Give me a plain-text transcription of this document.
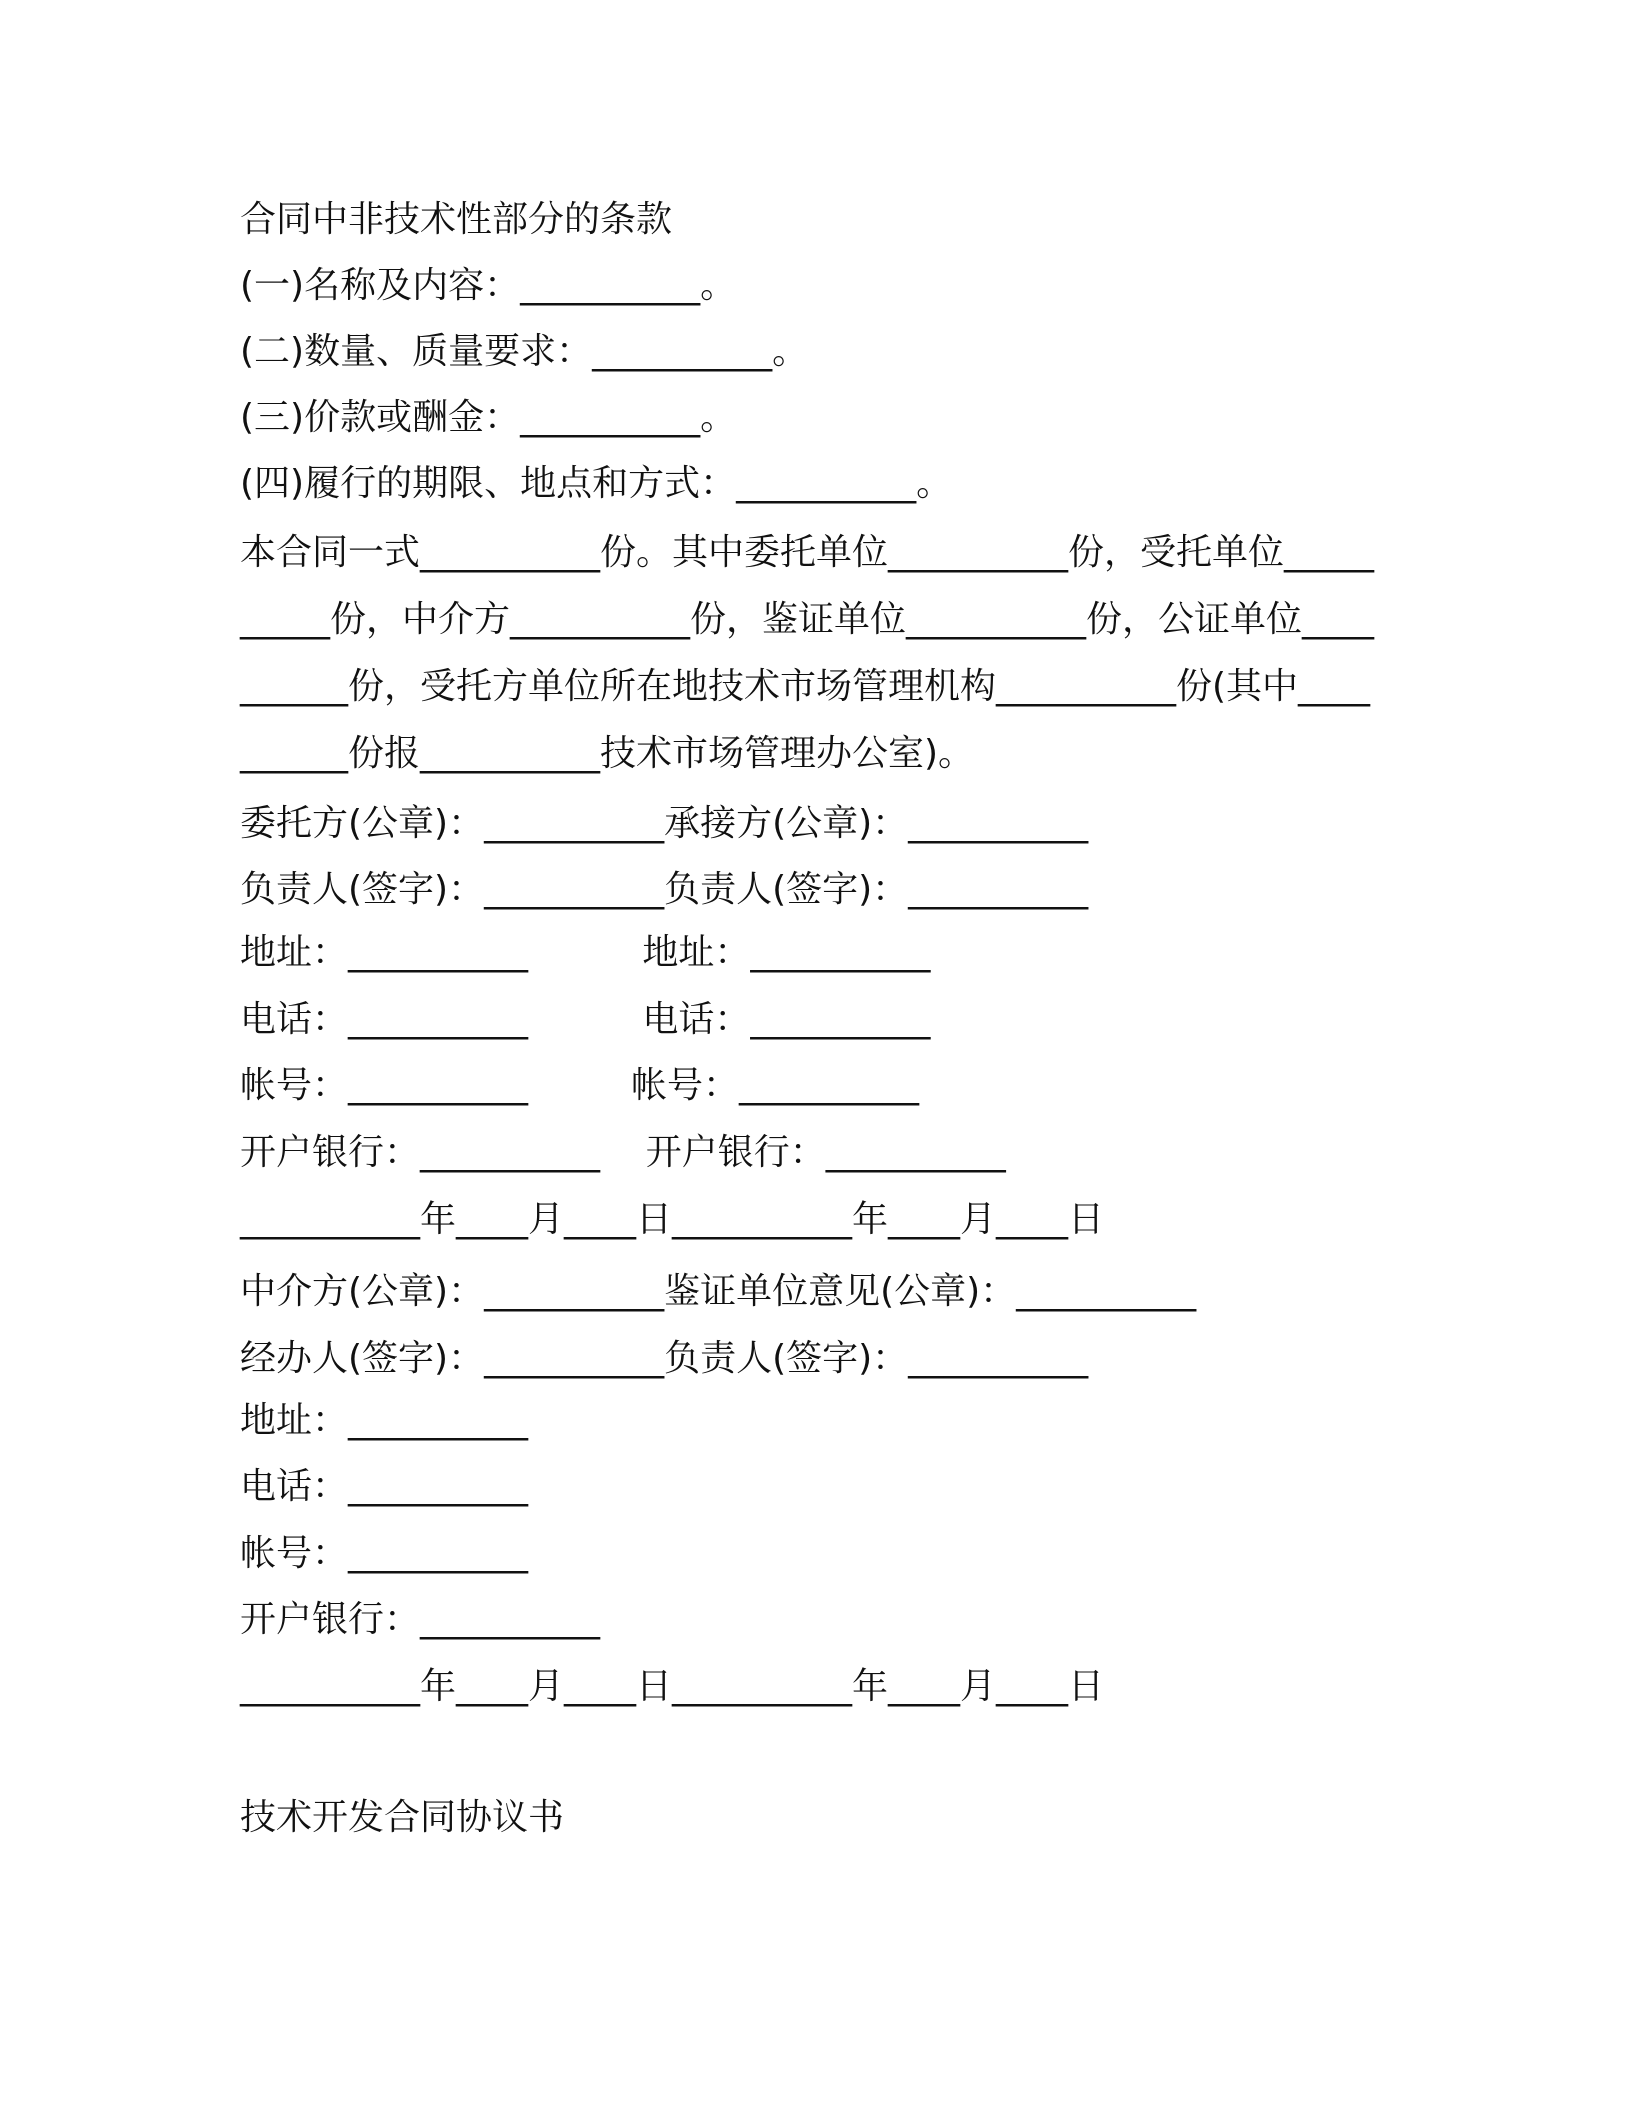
合同中非技术性部分的条款
(一)名称及内容：__________。
(二)数量、质量要求：__________。
(三)价款或酬金：__________。
(四)履行的期限、地点和方式：__________。
本合同一式__________份。其中委托单位__________份，受托单位__________份，中介方__________份，鉴证单位__________份，公证单位__________份，受托方单位所在地技术市场管理机构__________份(其中__________份报__________技术市场管理办公室)。
委托方(公章)：__________承接方(公章)：__________
负责人(签字)：__________负责人(签字)：__________
地址：__________          地址：__________
电话：__________          电话：__________
帐号：__________         帐号：__________
开户银行：__________    开户银行：__________
__________年____月____日__________年____月____日
中介方(公章)：__________鉴证单位意见(公章)：__________
经办人(签字)：__________负责人(签字)：__________
地址：__________
电话：__________
帐号：__________
开户银行：__________
__________年____月____日__________年____月____日
技术开发合同协议书
